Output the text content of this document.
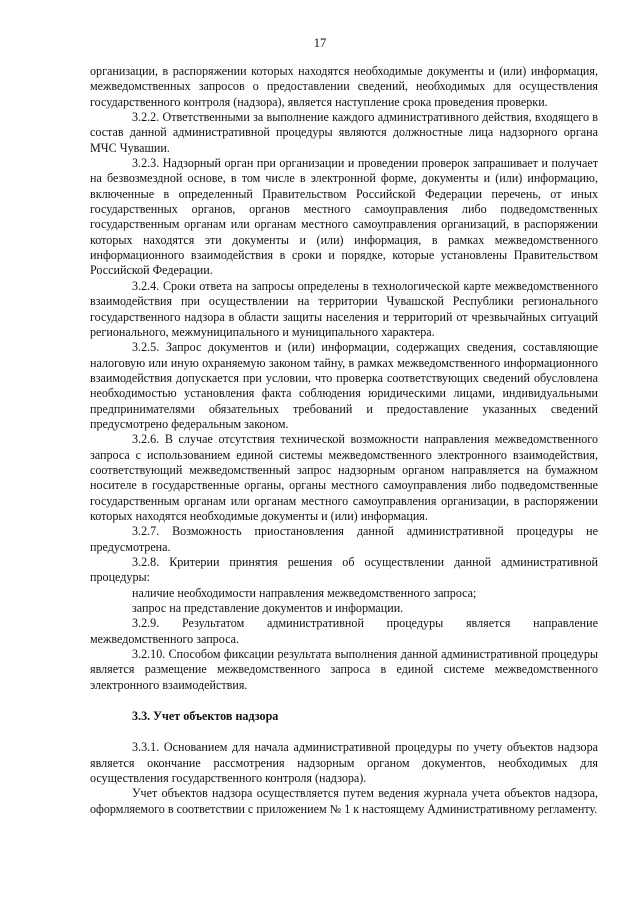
17

организации, в распоряжении которых находятся необходимые документы и (или) информация, межведомственных запросов о предоставлении сведений, необходимых для осуществления государственного контроля (надзора), является наступление срока проведения проверки.

3.2.2. Ответственными за выполнение каждого административного действия, входящего в состав данной административной процедуры являются должностные лица надзорного органа МЧС Чувашии.

3.2.3. Надзорный орган при организации и проведении проверок запрашивает и получает на безвозмездной основе, в том числе в электронной форме, документы и (или) информацию, включенные в определенный Правительством Российской Федерации перечень, от иных государственных органов, органов местного самоуправления либо подведомственных государственным органам или органам местного самоуправления организаций, в распоряжении которых находятся эти документы и (или) информация, в рамках межведомственного информационного взаимодействия в сроки и порядке, которые установлены Правительством Российской Федерации.

3.2.4. Сроки ответа на запросы определены в технологической карте межведомственного взаимодействия при осуществлении на территории Чувашской Республики регионального государственного надзора в области защиты населения и территорий от чрезвычайных ситуаций регионального, межмуниципального и муниципального характера.

3.2.5. Запрос документов и (или) информации, содержащих сведения, составляющие налоговую или иную охраняемую законом тайну, в рамках межведомственного информационного взаимодействия допускается при условии, что проверка соответствующих сведений обусловлена необходимостью установления факта соблюдения юридическими лицами, индивидуальными предпринимателями обязательных требований и предоставление указанных сведений предусмотрено федеральным законом.

3.2.6. В случае отсутствия технической возможности направления межведомственного запроса с использованием единой системы межведомственного электронного взаимодействия, соответствующий межведомственный запрос надзорным органом направляется на бумажном носителе в государственные органы, органы местного самоуправления либо подведомственные государственным органам или органам местного самоуправления организации, в распоряжении которых находятся необходимые документы и (или) информация.

3.2.7. Возможность приостановления данной административной процедуры не предусмотрена.

3.2.8. Критерии принятия решения об осуществлении данной административной процедуры:

наличие необходимости направления межведомственного запроса;

запрос на представление документов и информации.

3.2.9. Результатом административной процедуры является направление межведомственного запроса.

3.2.10. Способом фиксации результата выполнения данной административной процедуры является размещение межведомственного запроса в единой системе межведомственного электронного взаимодействия.

3.3. Учет объектов надзора

3.3.1. Основанием для начала административной процедуры по учету объектов надзора является окончание рассмотрения надзорным органом документов, необходимых для осуществления государственного контроля (надзора).

Учет объектов надзора осуществляется путем ведения журнала учета объектов надзора, оформляемого в соответствии с приложением № 1 к настоящему Административному регламенту.
